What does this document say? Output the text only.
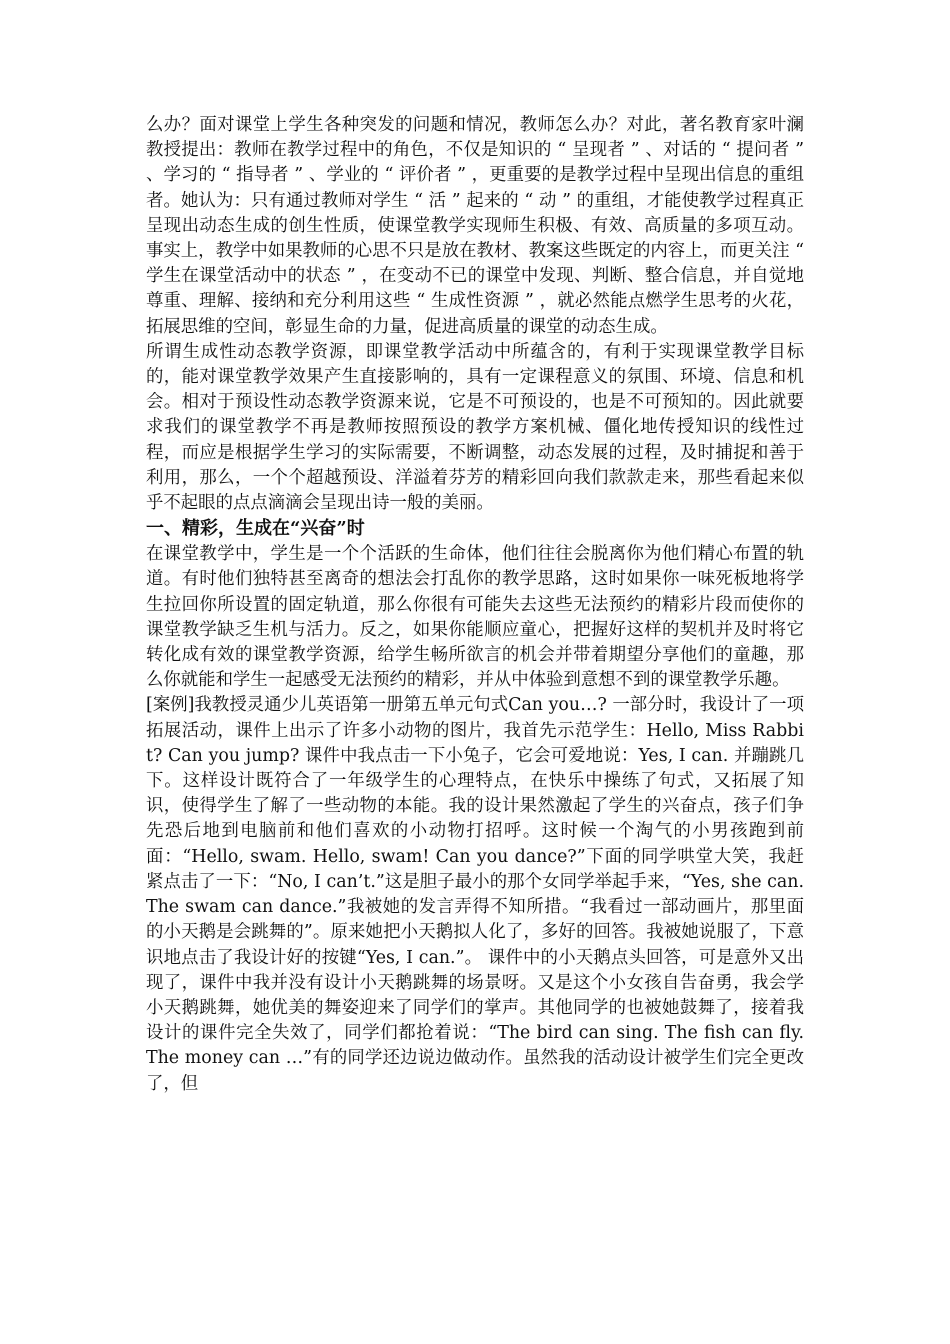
么办？面对课堂上学生各种突发的问题和情况，教师怎么办？对此，著名教育家叶澜教授提出：教师在教学过程中的角色，不仅是知识的 “ 呈现者 ” 、对话的 “ 提问者 ” 、学习的 “ 指导者 ” 、学业的 “ 评价者 ” ，更重要的是教学过程中呈现出信息的重组者。她认为：只有通过教师对学生 “ 活 ” 起来的 “ 动 ” 的重组，才能使教学过程真正呈现出动态生成的创生性质，使课堂教学实现师生积极、有效、高质量的多项互动。事实上，教学中如果教师的心思不只是放在教材、教案这些既定的内容上，而更关注 “ 学生在课堂活动中的状态 ” ，在变动不已的课堂中发现、判断、整合信息，并自觉地尊重、理解、接纳和充分利用这些 “ 生成性资源 ” ，就必然能点燃学生思考的火花，拓展思维的空间，彰显生命的力量，促进高质量的课堂的动态生成。

所谓生成性动态教学资源，即课堂教学活动中所蕴含的，有利于实现课堂教学目标的，能对课堂教学效果产生直接影响的，具有一定课程意义的氛围、环境、信息和机会。相对于预设性动态教学资源来说，它是不可预设的，也是不可预知的。因此就要求我们的课堂教学不再是教师按照预设的教学方案机械、僵化地传授知识的线性过程，而应是根据学生学习的实际需要，不断调整，动态发展的过程，及时捕捉和善于利用，那么，一个个超越预设、洋溢着芬芳的精彩回向我们款款走来，那些看起来似乎不起眼的点点滴滴会呈现出诗一般的美丽。

一、精彩，生成在“兴奋”时

在课堂教学中，学生是一个个活跃的生命体，他们往往会脱离你为他们精心布置的轨道。有时他们独特甚至离奇的想法会打乱你的教学思路，这时如果你一味死板地将学生拉回你所设置的固定轨道，那么你很有可能失去这些无法预约的精彩片段而使你的课堂教学缺乏生机与活力。反之，如果你能顺应童心，把握好这样的契机并及时将它转化成有效的课堂教学资源，给学生畅所欲言的机会并带着期望分享他们的童趣，那么你就能和学生一起感受无法预约的精彩，并从中体验到意想不到的课堂教学乐趣。

[案例]我教授灵通少儿英语第一册第五单元句式Can you…? 一部分时，我设计了一项拓展活动，课件上出示了许多小动物的图片，我首先示范学生：Hello, Miss Rabbit? Can you jump? 课件中我点击一下小兔子，它会可爱地说：Yes, I can. 并蹦跳几下。这样设计既符合了一年级学生的心理特点，在快乐中操练了句式，又拓展了知识，使得学生了解了一些动物的本能。我的设计果然激起了学生的兴奋点，孩子们争先恐后地到电脑前和他们喜欢的小动物打招呼。这时候一个淘气的小男孩跑到前面：“Hello, swam. Hello, swam! Can you dance?”下面的同学哄堂大笑，我赶紧点击了一下：“No, I can’t.”这是胆子最小的那个女同学举起手来，“Yes, she can. The swam can dance.”我被她的发言弄得不知所措。“我看过一部动画片，那里面的小天鹅是会跳舞的”。原来她把小天鹅拟人化了，多好的回答。我被她说服了，下意识地点击了我设计好的按键“Yes, I can.”。 课件中的小天鹅点头回答，可是意外又出现了，课件中我并没有设计小天鹅跳舞的场景呀。又是这个小女孩自告奋勇，我会学小天鹅跳舞，她优美的舞姿迎来了同学们的掌声。其他同学的也被她鼓舞了，接着我设计的课件完全失效了，同学们都抢着说：“The bird can sing. The fish can fly. The money can …”有的同学还边说边做动作。虽然我的活动设计被学生们完全更改了，但
